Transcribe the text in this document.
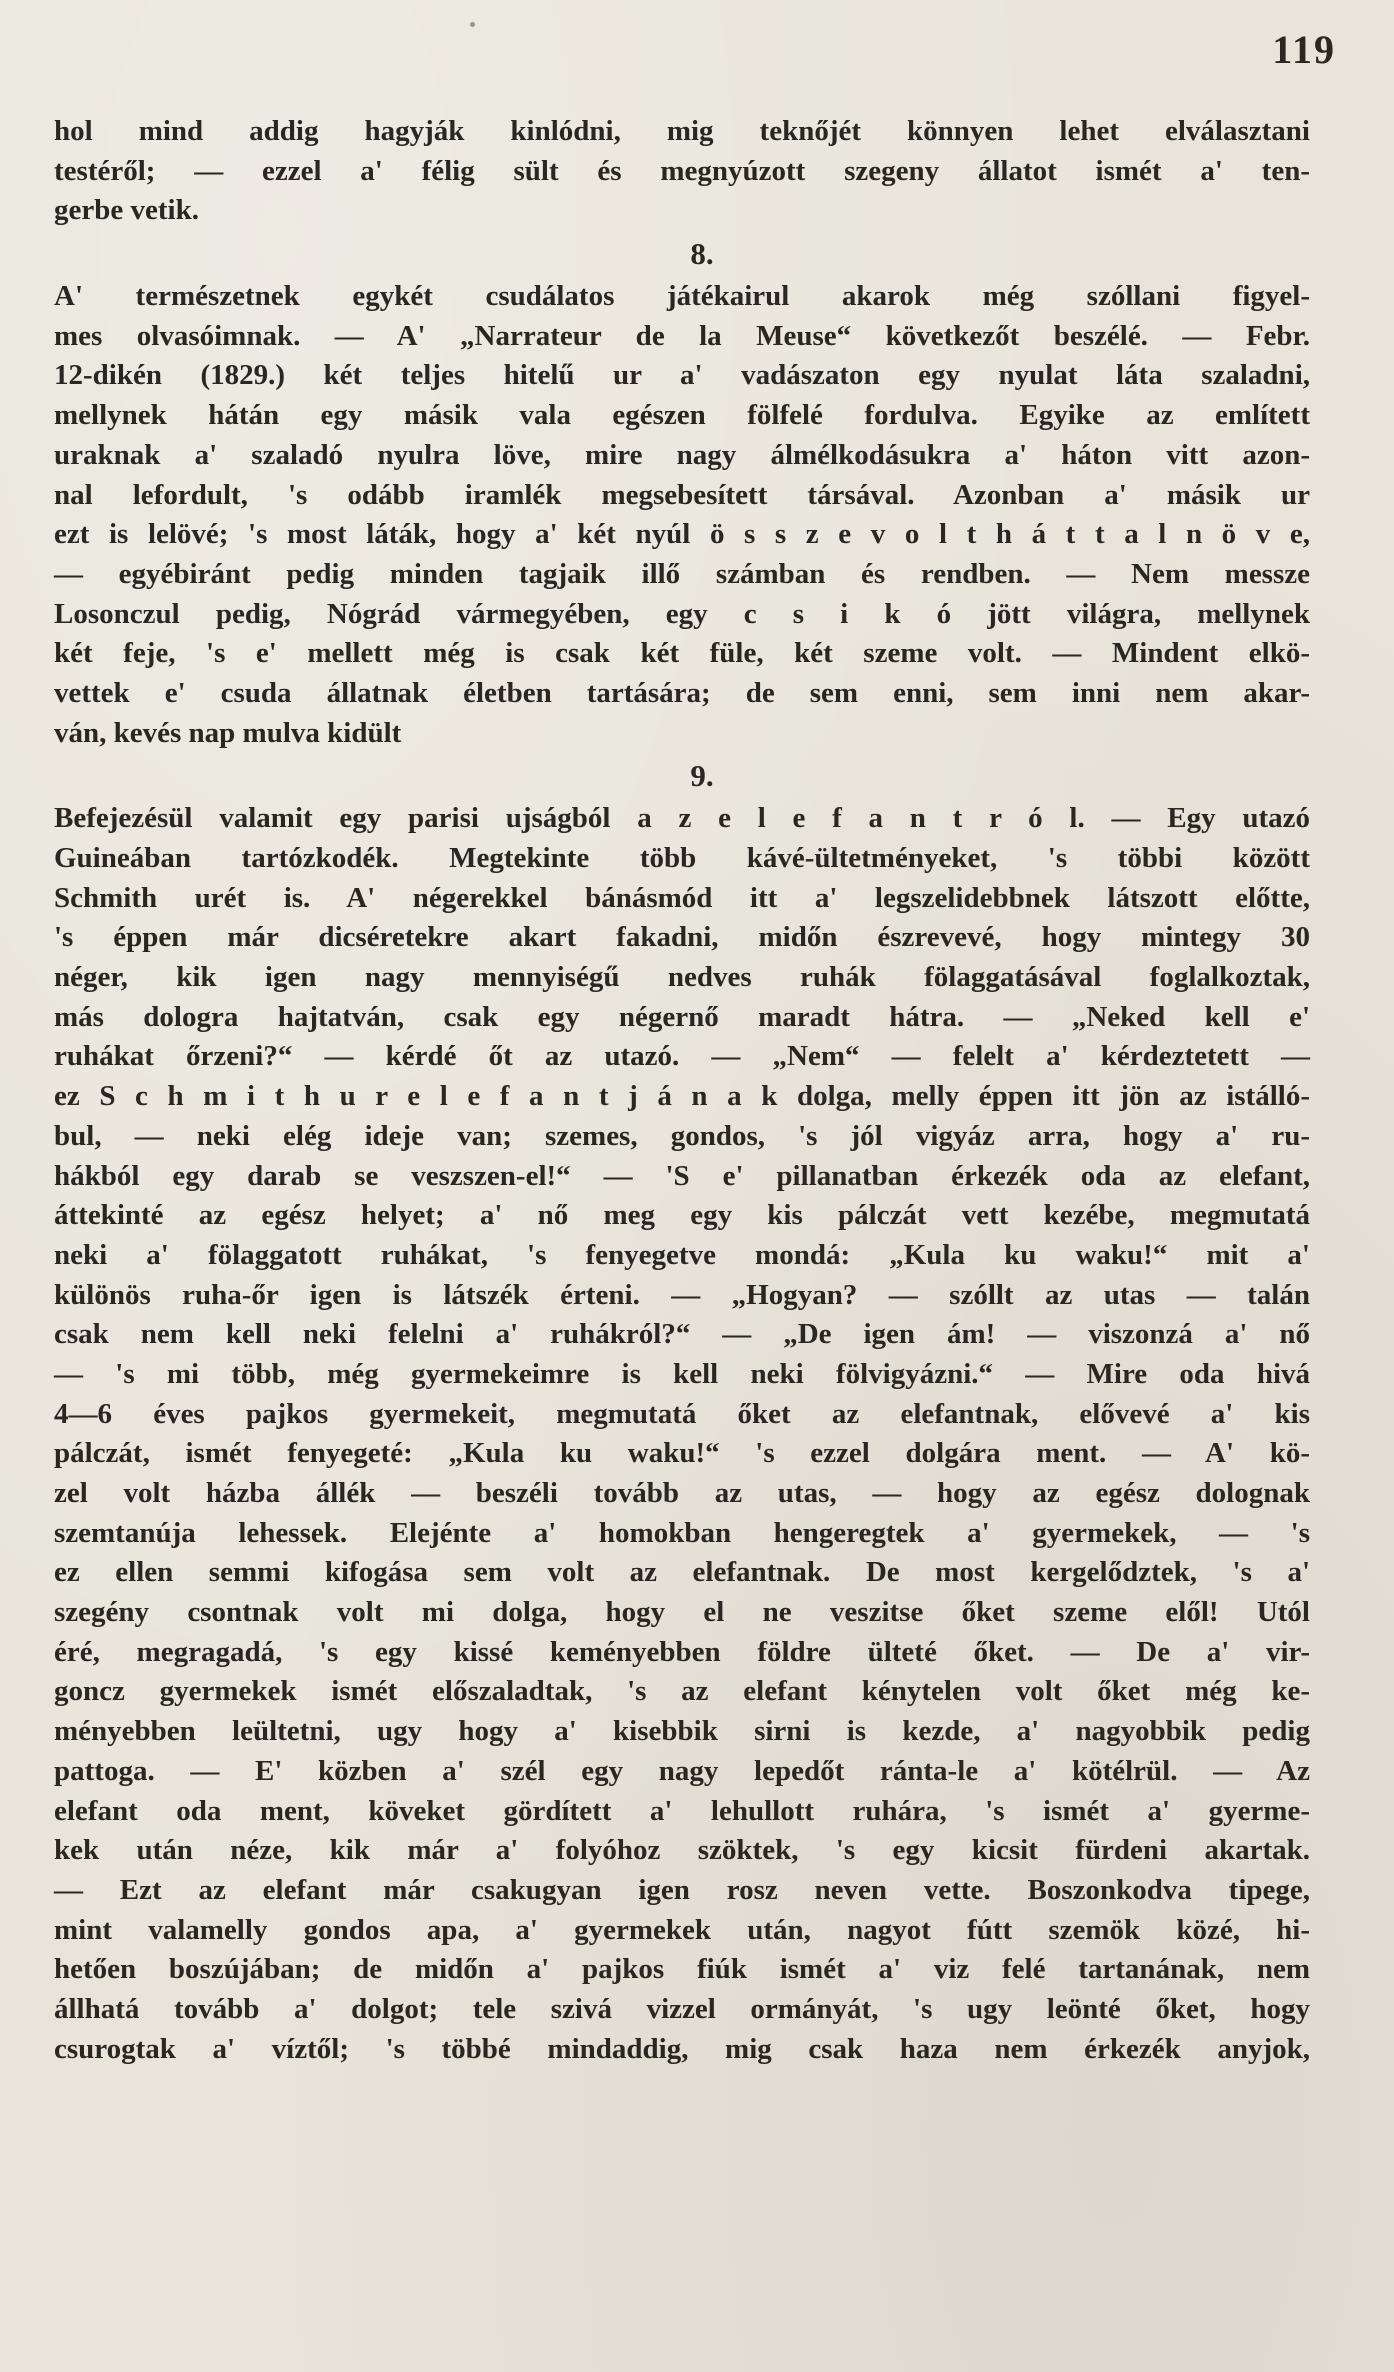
119
hol mind addig hagyják kinlódni, mig teknőjét könnyen lehet elválasztani
testéről; — ezzel a' félig sült és megnyúzott szegeny állatot ismét a' ten-
gerbe vetik.
8.
A' természetnek egykét csudálatos játékairul akarok még szóllani figyel-
mes olvasóimnak. — A' „Narrateur de la Meuse“ következőt beszélé. — Febr.
12-dikén (1829.) két teljes hitelű ur a' vadászaton egy nyulat láta szaladni,
mellynek hátán egy másik vala egészen fölfelé fordulva. Egyike az említett
uraknak a' szaladó nyulra löve, mire nagy álmélkodásukra a' háton vitt azon-
nal lefordult, 's odább iramlék megsebesített társával. Azonban a' másik ur
ezt is lelövé; 's most láták, hogy a' két nyúl ö s s z e v o l t h á t t a l n ö v e,
— egyébiránt pedig minden tagjaik illő számban és rendben. — Nem messze
Losonczul pedig, Nógrád vármegyében, egy c s i k ó jött világra, mellynek
két feje, 's e' mellett még is csak két füle, két szeme volt. — Mindent elkö-
vettek e' csuda állatnak életben tartására; de sem enni, sem inni nem akar-
ván, kevés nap mulva kidült
9.
Befejezésül valamit egy parisi ujságból a z e l e f a n t r ó l. — Egy utazó
Guineában tartózkodék. Megtekinte több kávé-ültetményeket, 's többi között
Schmith urét is. A' négerekkel bánásmód itt a' legszelidebbnek látszott előtte,
's éppen már dicséretekre akart fakadni, midőn észrevevé, hogy mintegy 30
néger, kik igen nagy mennyiségű nedves ruhák fölaggatásával foglalkoztak,
más dologra hajtatván, csak egy négernő maradt hátra. — „Neked kell e'
ruhákat őrzeni?“ — kérdé őt az utazó. — „Nem“ — felelt a' kérdeztetett —
ez S c h m i t h u r e l e f a n t j á n a k dolga, melly éppen itt jön az istálló-
bul, — neki elég ideje van; szemes, gondos, 's jól vigyáz arra, hogy a' ru-
hákból egy darab se veszszen-el!“ — 'S e' pillanatban érkezék oda az elefant,
áttekinté az egész helyet; a' nő meg egy kis pálczát vett kezébe, megmutatá
neki a' fölaggatott ruhákat, 's fenyegetve mondá: „Kula ku waku!“ mit a'
különös ruha-őr igen is látszék érteni. — „Hogyan? — szóllt az utas — talán
csak nem kell neki felelni a' ruhákról?“ — „De igen ám! — viszonzá a' nő
— 's mi több, még gyermekeimre is kell neki fölvigyázni.“ — Mire oda hivá
4—6 éves pajkos gyermekeit, megmutatá őket az elefantnak, elővevé a' kis
pálczát, ismét fenyegeté: „Kula ku waku!“ 's ezzel dolgára ment. — A' kö-
zel volt házba állék — beszéli tovább az utas, — hogy az egész dolognak
szemtanúja lehessek. Elejénte a' homokban hengeregtek a' gyermekek, — 's
ez ellen semmi kifogása sem volt az elefantnak. De most kergelődztek, 's a'
szegény csontnak volt mi dolga, hogy el ne veszitse őket szeme elől! Utól
éré, megragadá, 's egy kissé keményebben földre ülteté őket. — De a' vir-
goncz gyermekek ismét előszaladtak, 's az elefant kénytelen volt őket még ke-
ményebben leültetni, ugy hogy a' kisebbik sirni is kezde, a' nagyobbik pedig
pattoga. — E' közben a' szél egy nagy lepedőt rántа-le a' kötélrül. — Az
elefant oda ment, köveket gördített a' lehullott ruhára, 's ismét a' gyerme-
kek után néze, kik már a' folyóhoz szöktek, 's egy kicsit fürdeni akartak.
— Ezt az elefant már csakugyan igen rosz neven vette. Boszonkodva tipege,
mint valamelly gondos apa, a' gyermekek után, nagyot fútt szemök közé, hi-
hetően boszújában; de midőn a' pajkos fiúk ismét a' viz felé tartanának, nem
állhatá tovább a' dolgot; tele szivá vizzel ormányát, 's ugy leönté őket, hogy
csurogtak a' víztől; 's többé mindaddig, mig csak haza nem érkezék anyjok,
